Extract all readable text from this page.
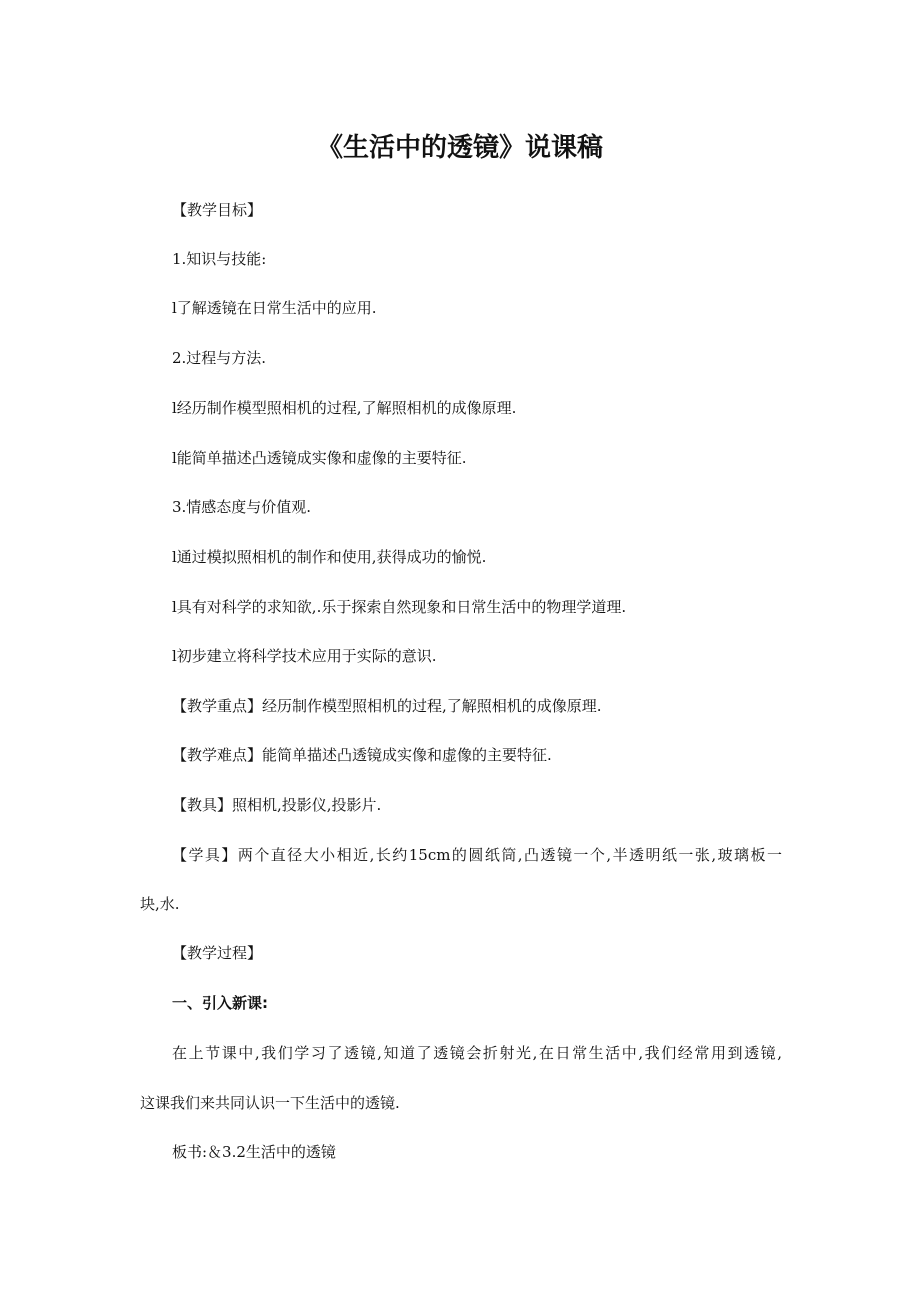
《生活中的透镜》说课稿

【教学目标】

1.知识与技能:

l了解透镜在日常生活中的应用.

2.过程与方法.

l经历制作模型照相机的过程,了解照相机的成像原理.

l能简单描述凸透镜成实像和虚像的主要特征.

3.情感态度与价值观.

l通过模拟照相机的制作和使用,获得成功的愉悦.

l具有对科学的求知欲,.乐于探索自然现象和日常生活中的物理学道理.

l初步建立将科学技术应用于实际的意识.

【教学重点】经历制作模型照相机的过程,了解照相机的成像原理.

【教学难点】能简单描述凸透镜成实像和虚像的主要特征.

【教具】照相机,投影仪,投影片.

【学具】两个直径大小相近,长约15cm的圆纸筒,凸透镜一个,半透明纸一张,玻璃板一

块,水.

【教学过程】

一、引入新课:

在上节课中,我们学习了透镜,知道了透镜会折射光,在日常生活中,我们经常用到透镜,

这课我们来共同认识一下生活中的透镜.

板书:＆3.2生活中的透镜
